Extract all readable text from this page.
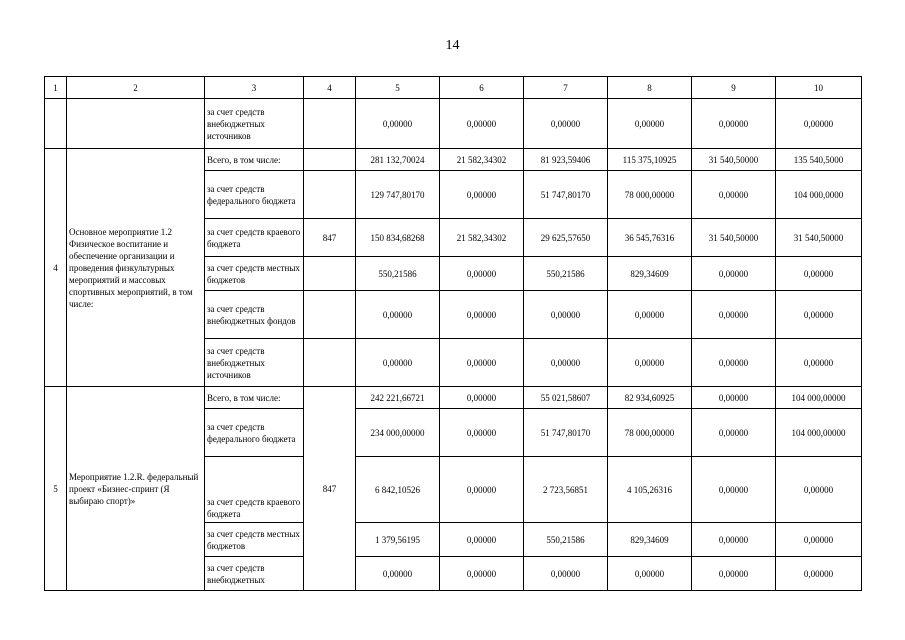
14
1	2	3	4	5	6	7	8	9	10
		за счет средств внебюджетных источников		0,00000	0,00000	0,00000	0,00000	0,00000	0,00000
4	Основное мероприятие 1.2 Физическое воспитание и обеспечение организации и проведения физкультурных мероприятий и массовых спортивных мероприятий, в том числе:	Всего, в том числе:		281 132,70024	21 582,34302	81 923,59406	115 375,10925	31 540,50000	135 540,5000
		за счет средств федерального бюджета		129 747,80170	0,00000	51 747,80170	78 000,00000	0,00000	104 000,0000
		за счет средств краевого бюджета	847	150 834,68268	21 582,34302	29 625,57650	36 545,76316	31 540,50000	31 540,50000
		за счет средств местных бюджетов		550,21586	0,00000	550,21586	829,34609	0,00000	0,00000
		за счет средств внебюджетных фондов		0,00000	0,00000	0,00000	0,00000	0,00000	0,00000
		за счет средств внебюджетных источников		0,00000	0,00000	0,00000	0,00000	0,00000	0,00000
5	Мероприятие 1.2.R. федеральный проект «Бизнес-спринт (Я выбираю спорт)»	Всего, в том числе:	847	242 221,66721	0,00000	55 021,58607	82 934,60925	0,00000	104 000,00000
		за счет средств федерального бюджета		234 000,00000	0,00000	51 747,80170	78 000,00000	0,00000	104 000,00000
		за счет средств краевого бюджета		6 842,10526	0,00000	2 723,56851	4 105,26316	0,00000	0,00000
		за счет средств местных бюджетов		1 379,56195	0,00000	550,21586	829,34609	0,00000	0,00000
		за счет средств внебюджетных		0,00000	0,00000	0,00000	0,00000	0,00000	0,00000
